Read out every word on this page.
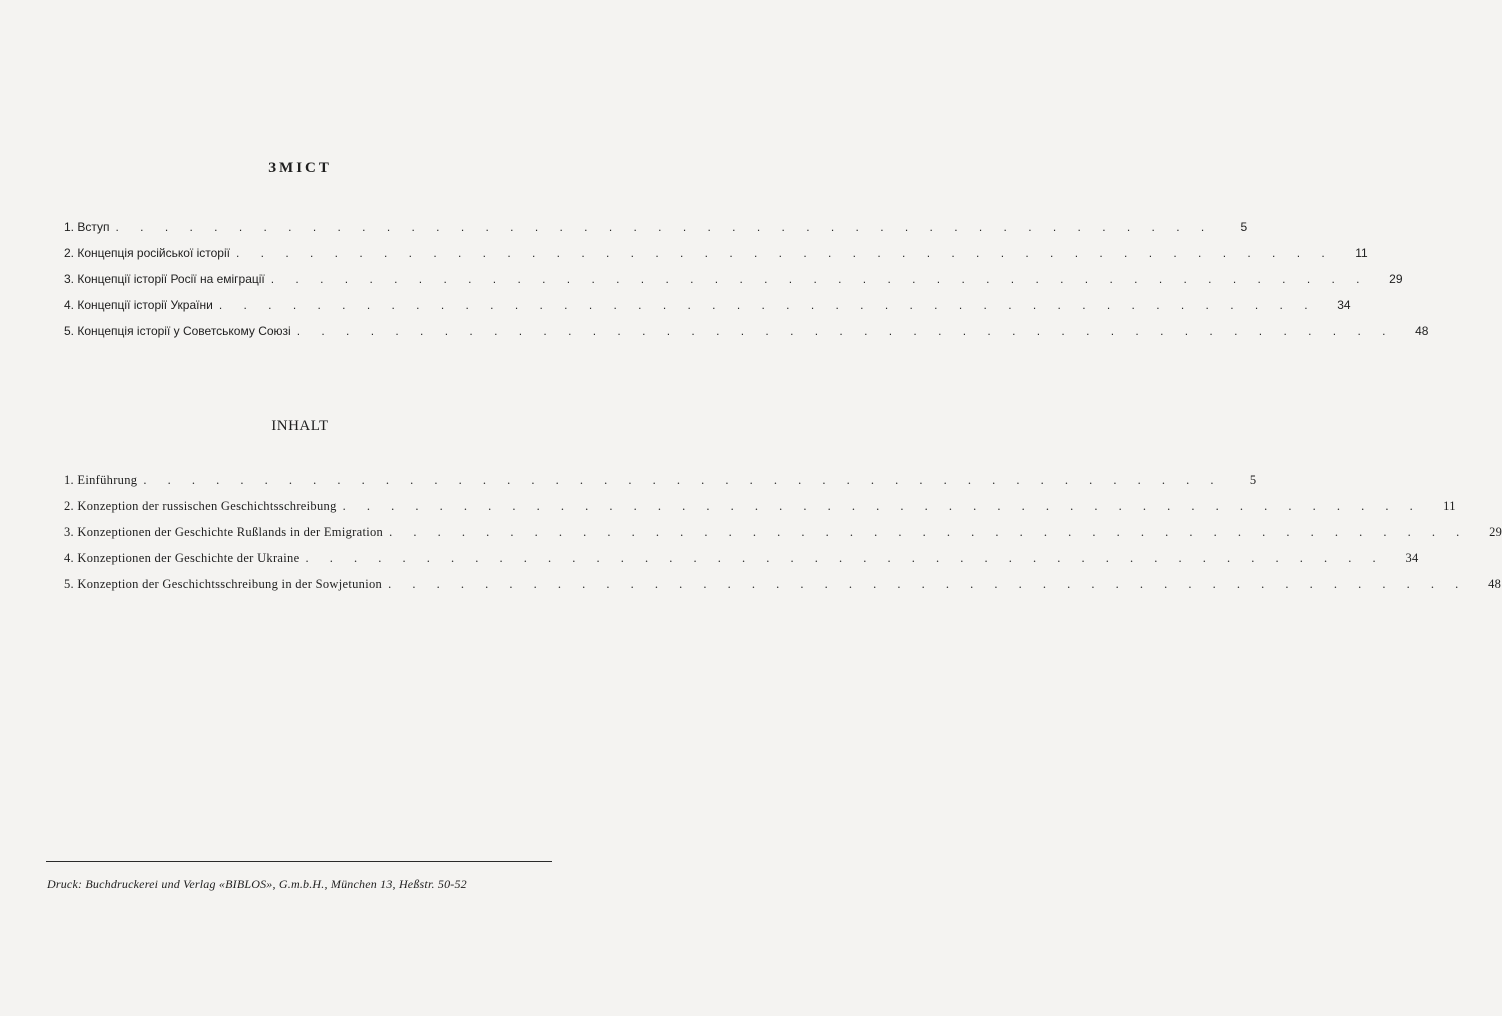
ЗМІСТ
1. Вступ . . . . . . . . . . . . . . . . . . . . . . . . . . . . . . . . . . . . . . . . . . . . .	5
2. Концепція російської історії . . . . . . . . . . . . . . . . . . . . . . . . . . . . . . . . . . . . . . . . . . . . .	11
3. Концепції історії Росії на еміграції . . . . . . . . . . . . . . . . . . . . . . . . . . . . . . . . . . . . . . . . . . . . .	29
4. Концепції історії України . . . . . . . . . . . . . . . . . . . . . . . . . . . . . . . . . . . . . . . . . . . . .	34
5. Концепція історії у Советському Союзі . . . . . . . . . . . . . . . . . . . . . . . . . . . . . . . . . . . . . . . . . . . . .	48
INHALT
1. Einführung . . . . . . . . . . . . . . . . . . . . . . . . . . . . . . . . . . . . . . . . . . . . .	5
2. Konzeption der russischen Geschichtsschreibung . . . . . . . . . . . . . . . . . . . . . . . . . . . . . . . . . . . . . . . . . . . . .	11
3. Konzeptionen der Geschichte Rußlands in der Emigration . . . . . . . . . . . . . . . . . . . . . . . . . . . . . . . . . . . . . . . . . . . . .	29
4. Konzeptionen der Geschichte der Ukraine . . . . . . . . . . . . . . . . . . . . . . . . . . . . . . . . . . . . . . . . . . . . .	34
5. Konzeption der Geschichtsschreibung in der Sowjetunion . . . . . . . . . . . . . . . . . . . . . . . . . . . . . . . . . . . . . . . . . . . . .	48
Druck: Buchdruckerei und Verlag «BIBLOS», G.m.b.H., München 13, Heßstr. 50-52
